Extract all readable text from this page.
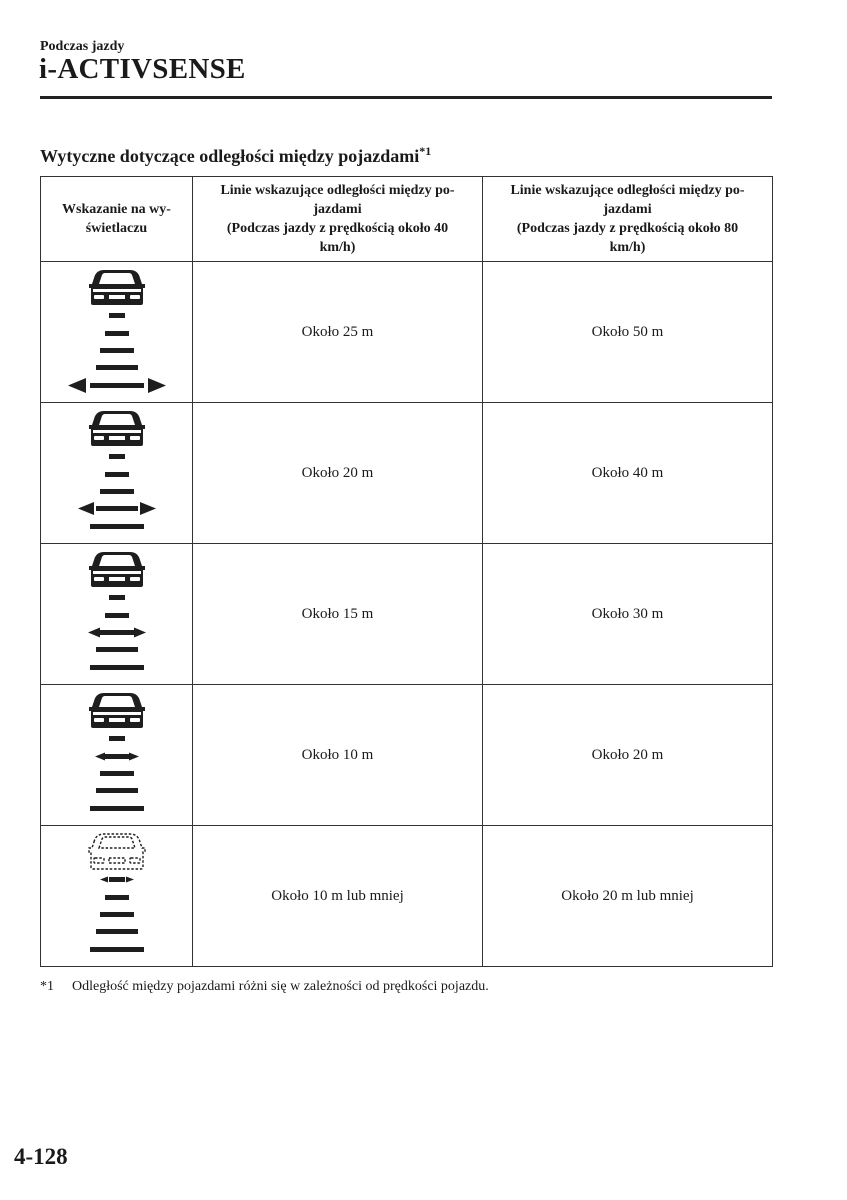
Podczas jazdy
i-ACTIVSENSE
Wytyczne dotyczące odległości między pojazdami$^{*1}$
Wskazanie na wy-
świetlaczu	Linie wskazujące odległości między po-
jazdami
(Podczas jazdy z prędkością około 40
km/h)	Linie wskazujące odległości między po-
jazdami
(Podczas jazdy z prędkością około 80
km/h)

	Około 25 m	Około 50 m

	Około 20 m	Około 40 m

	Około 15 m	Około 30 m

	Około 10 m	Około 20 m

	Około 10 m lub mniej	Około 20 m lub mniej
*1 Odległość między pojazdami różni się w zależności od prędkości pojazdu.
4-128
